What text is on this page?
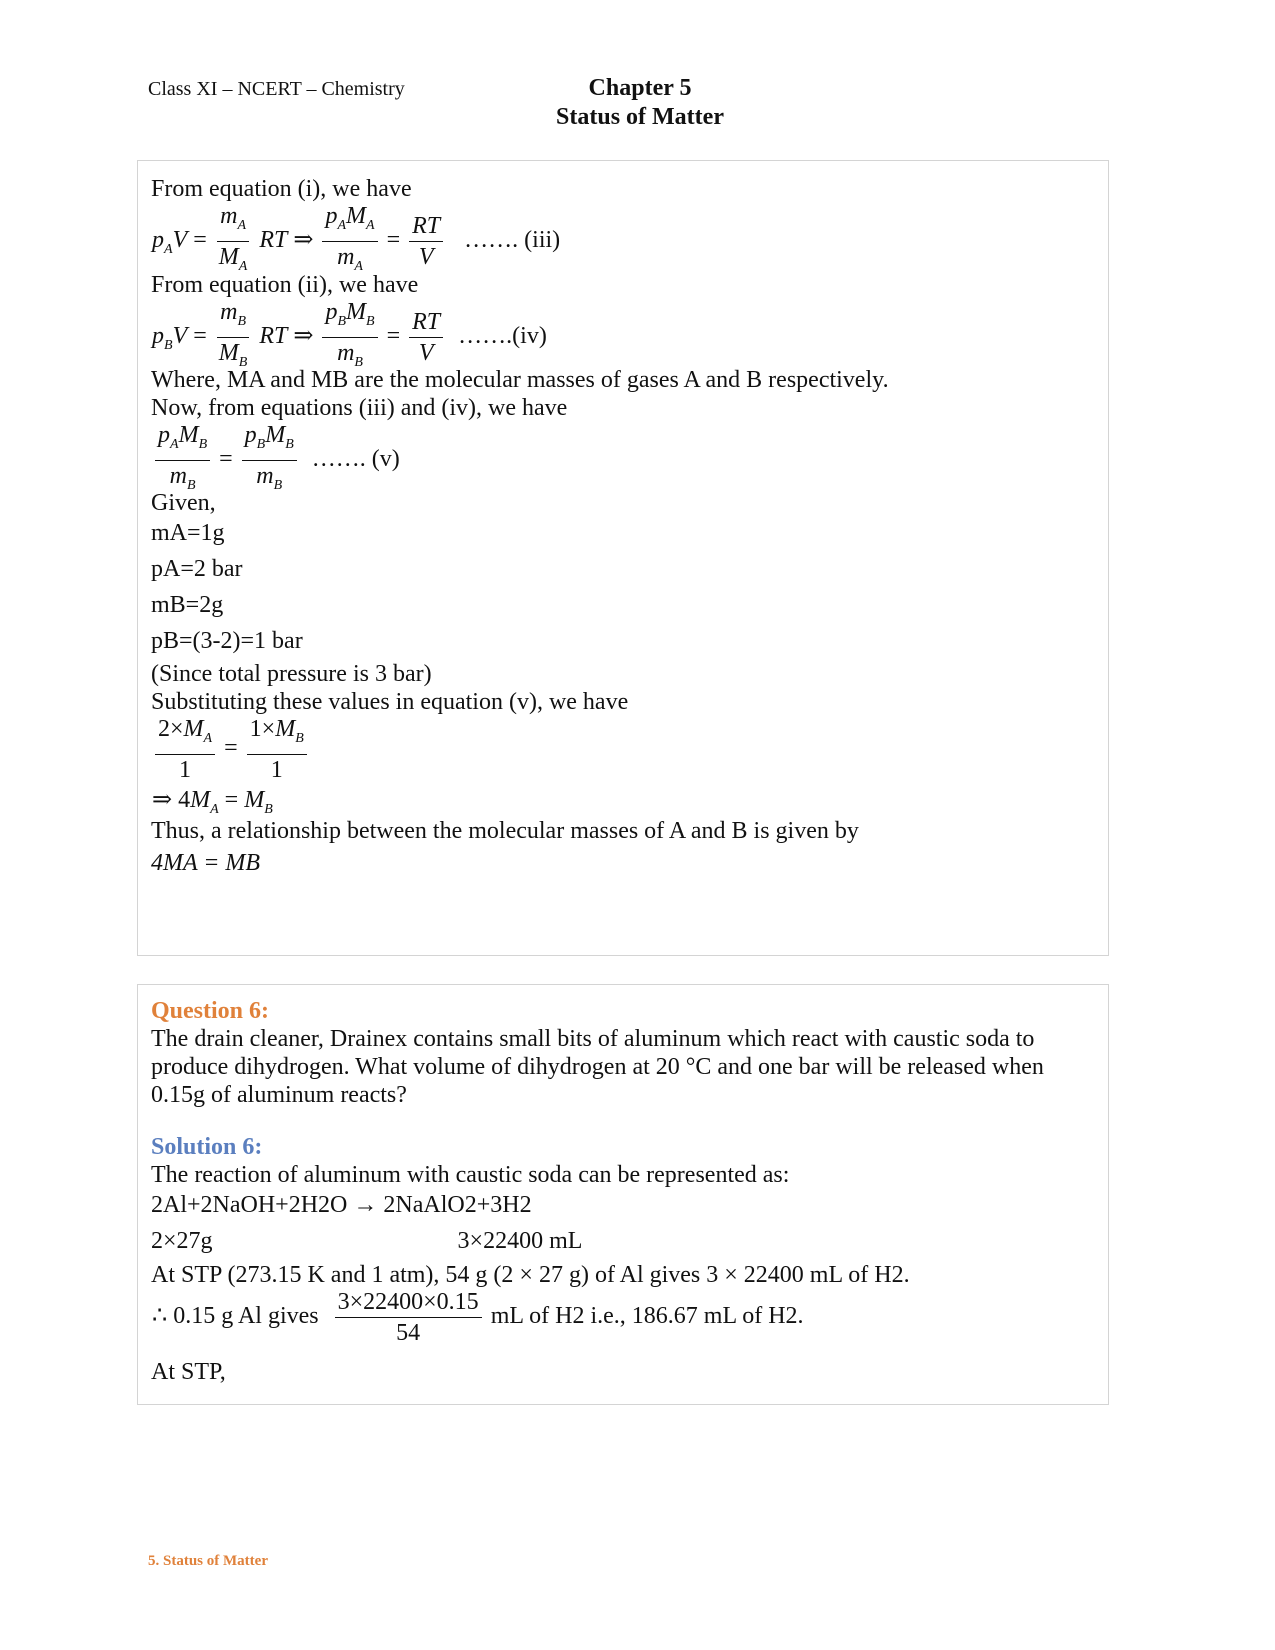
Class XI – NCERT – Chemistry	Chapter 5
Status of Matter
From equation (i), we have
$p_AV = \frac{m_A}{M_A}$ RT ⇒ $\frac{p_AM_A}{m_A} = \frac{RT}{V}$ ……. (iii)
From equation (ii), we have
$p_BV = \frac{m_B}{M_B}$ RT ⇒ $\frac{p_BM_B}{m_B} = \frac{RT}{V}$ …….(iv)
Where, MA and MB are the molecular masses of gases A and B respectively.
Now, from equations (iii) and (iv), we have
$\frac{p_AM_B}{m_B} = \frac{p_BM_B}{m_B}$ ……. (v)
Given,
mA=1g
pA=2 bar
mB=2g
pB=(3-2)=1 bar
(Since total pressure is 3 bar)
Substituting these values in equation (v), we have
$\frac{2\times M_A}{1} = \frac{1\times M_B}{1}$
⇒ $4M_A = M_B$
Thus, a relationship between the molecular masses of A and B is given by
4MA = MB
Question 6:
The drain cleaner, Drainex contains small bits of aluminum which react with caustic soda to
produce dihydrogen. What volume of dihydrogen at 20 °C and one bar will be released when
0.15g of aluminum reacts?
Solution 6:
The reaction of aluminum with caustic soda can be represented as:
2Al+2NaOH+2H2O → 2NaAlO2+3H2
2×27g	3×22400 mL
At STP (273.15 K and 1 atm), 54 g (2 × 27 g) of Al gives 3 × 22400 mL of H2.
∴ 0.15 g Al gives $\frac{3\times 22400\times 0.15}{54}$ mL of H2 i.e., 186.67 mL of H2.
At STP,
5. Status of Matter
